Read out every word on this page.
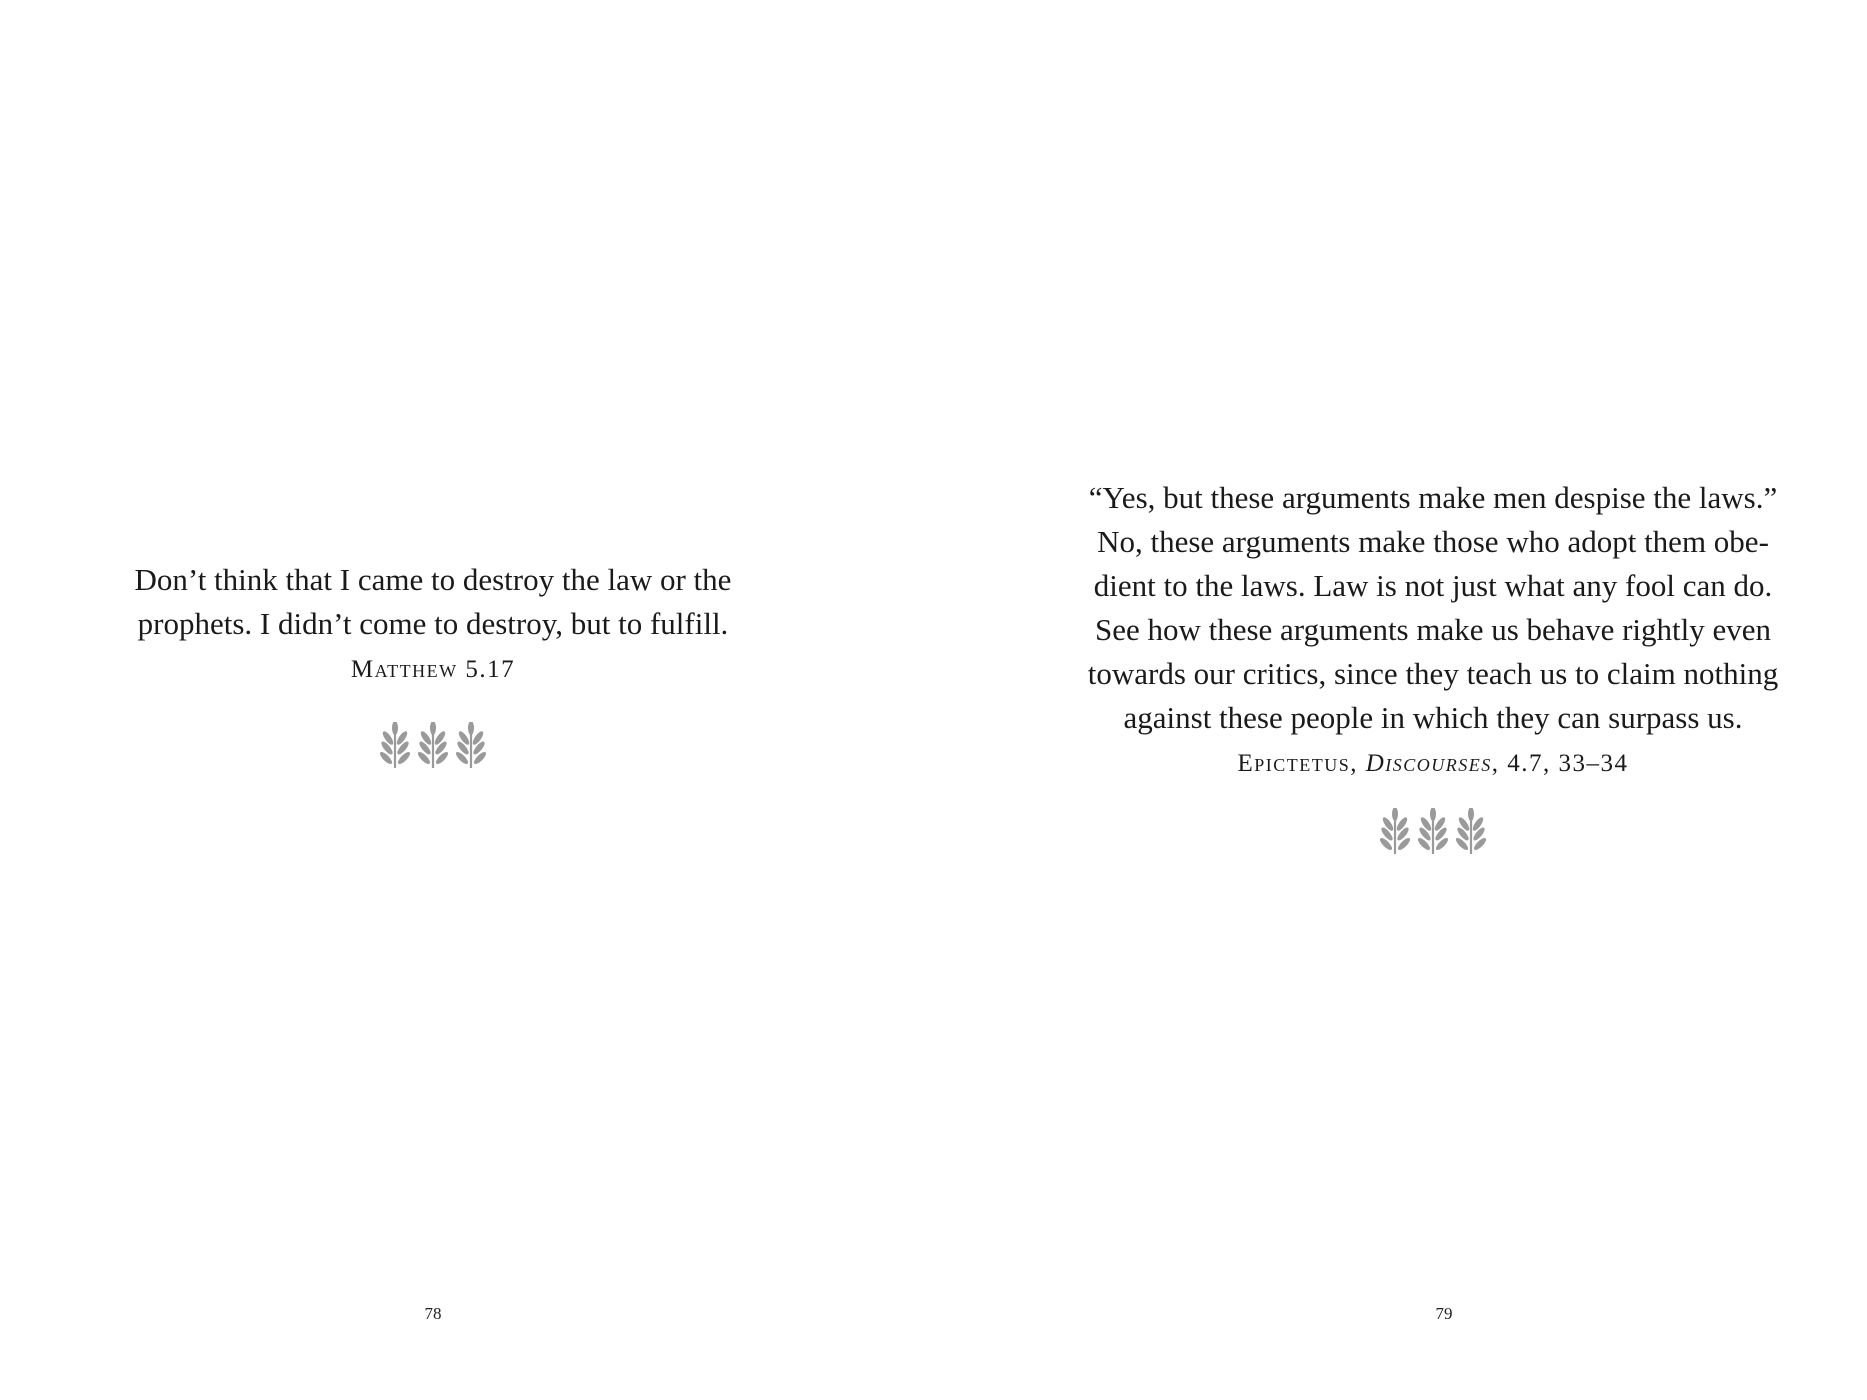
Don’t think that I came to destroy the law or the
prophets. I didn’t come to destroy, but to fulfill.
Matthew 5.17
78
“Yes, but these arguments make men despise the laws.”
No, these arguments make those who adopt them obe-
dient to the laws. Law is not just what any fool can do.
See how these arguments make us behave rightly even
towards our critics, since they teach us to claim nothing
against these people in which they can surpass us.
Epictetus, Discourses, 4.7, 33–34
79
